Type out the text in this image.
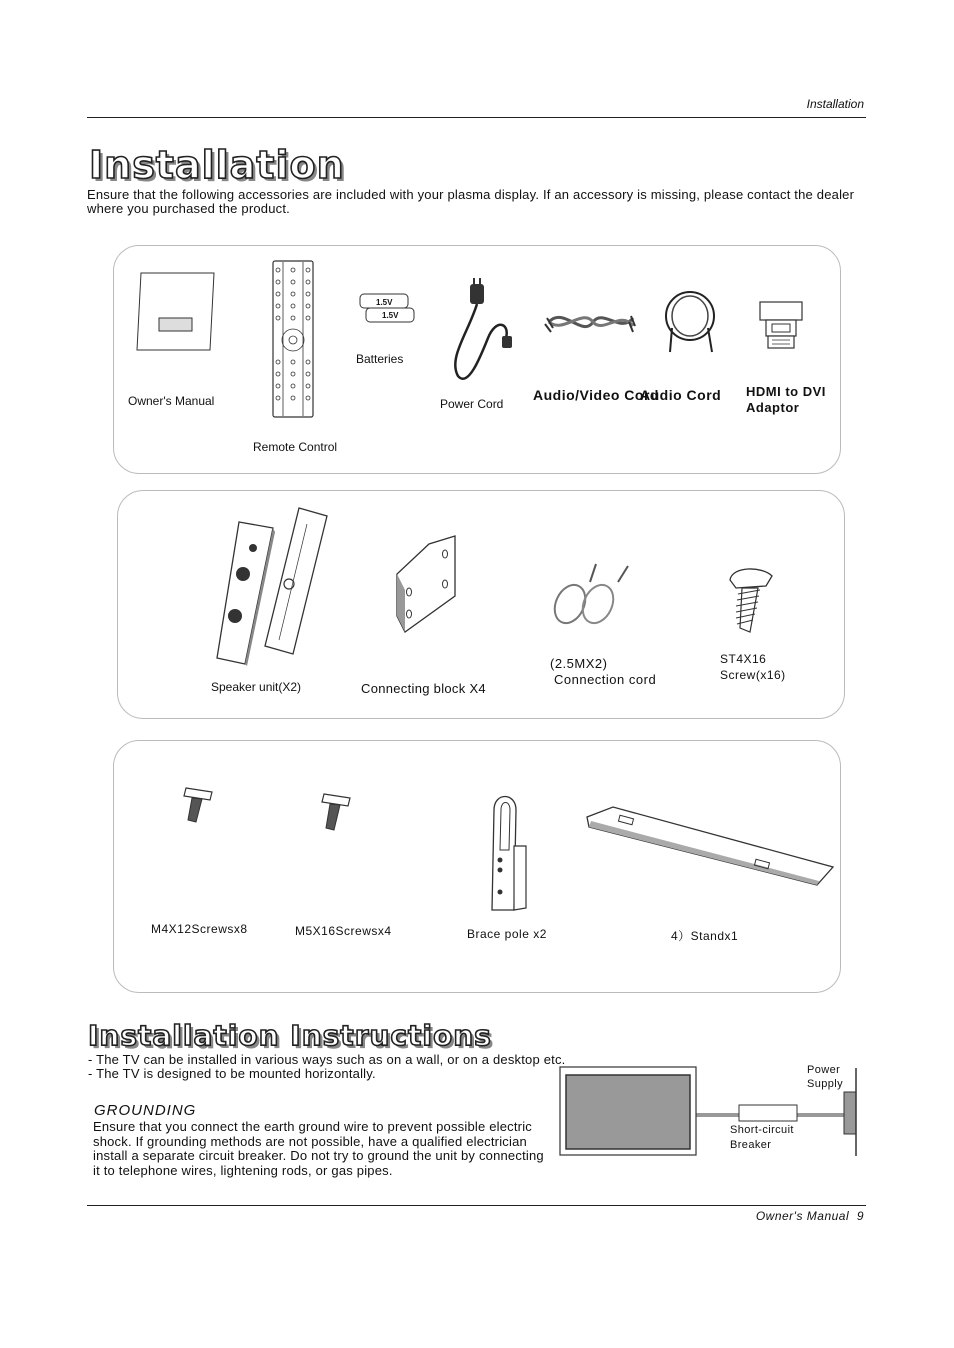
Installation
Installation
Ensure that the following accessories are included with your plasma display. If an accessory is missing, please contact the dealer where you purchased the product.
Owner's Manual
Remote Control
1.5V
1.5V
Batteries
Power Cord
Audio/Video Cord
Audio Cord HDMI to DVI Adaptor
Speaker unit(X2)	Connecting block X4
(2.5MX2)
Connection cord
ST4X16
Screw(x16)
M4X12Screwsx8	M5X16Screwsx4	Brace pole x2	4）Standx1
Installation Instructions
- The TV can be installed in various ways such as on a wall, or on a desktop etc.
- The TV is designed to be mounted horizontally.
GROUNDING
Ensure that you connect the earth ground wire to prevent possible electric shock. If grounding methods are not possible, have a qualified electrician install a separate circuit breaker. Do not try to ground the unit by connecting it to telephone wires, lightening rods, or gas pipes.
Power Supply
Short-circuit Breaker
Owner's Manual 9
